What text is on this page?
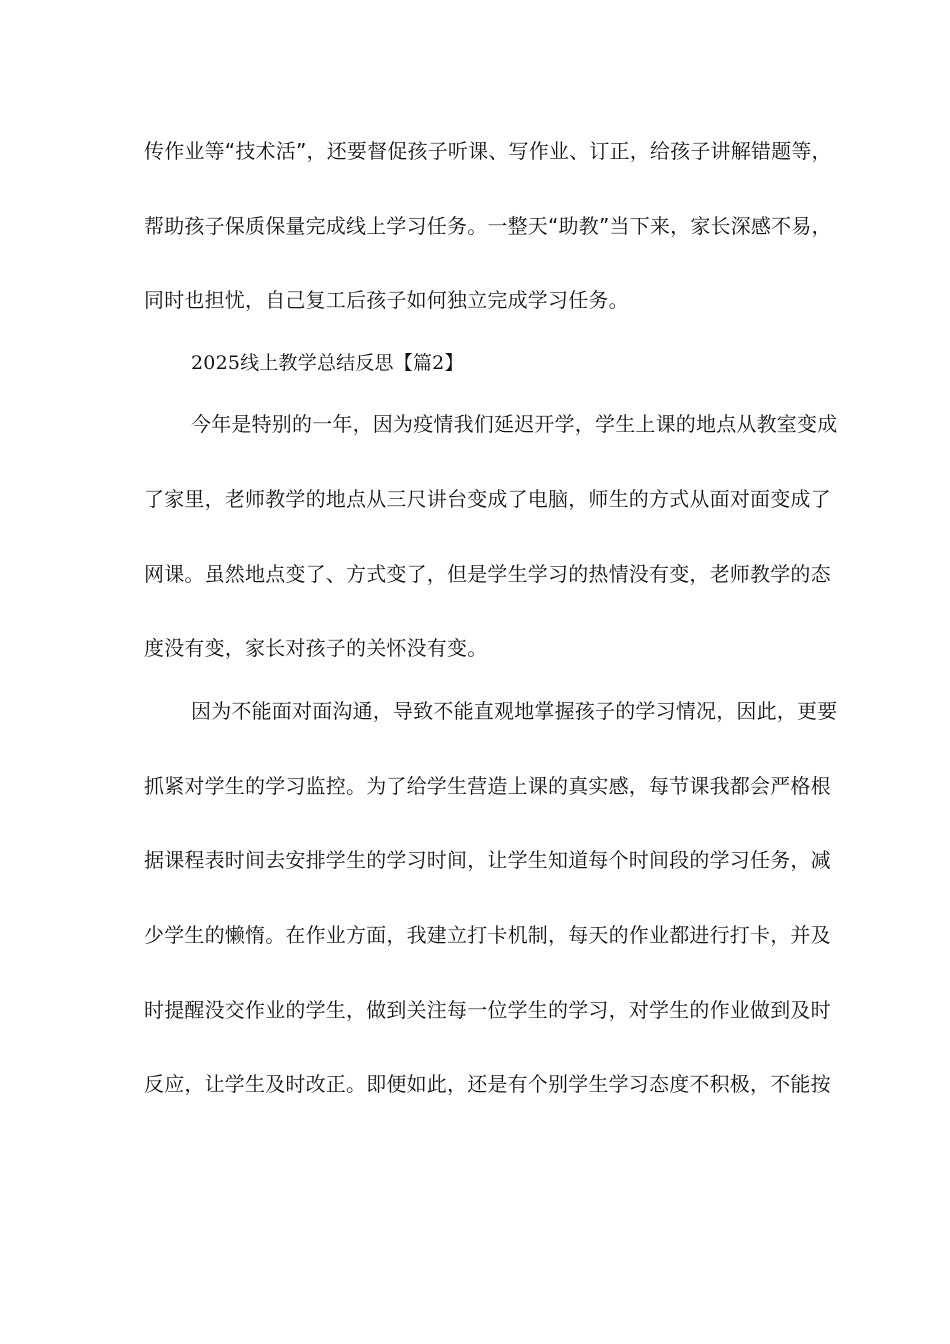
传作业等“技术活”，还要督促孩子听课、写作业、订正，给孩子讲解错题等，
帮助孩子保质保量完成线上学习任务。一整天“助教”当下来，家长深感不易，
同时也担忧，自己复工后孩子如何独立完成学习任务。
2025线上教学总结反思【篇2】
今年是特别的一年，因为疫情我们延迟开学，学生上课的地点从教室变成
了家里，老师教学的地点从三尺讲台变成了电脑，师生的方式从面对面变成了
网课。虽然地点变了、方式变了，但是学生学习的热情没有变，老师教学的态
度没有变，家长对孩子的关怀没有变。
因为不能面对面沟通，导致不能直观地掌握孩子的学习情况，因此，更要
抓紧对学生的学习监控。为了给学生营造上课的真实感，每节课我都会严格根
据课程表时间去安排学生的学习时间，让学生知道每个时间段的学习任务，减
少学生的懒惰。在作业方面，我建立打卡机制，每天的作业都进行打卡，并及
时提醒没交作业的学生，做到关注每一位学生的学习，对学生的作业做到及时
反应，让学生及时改正。即便如此，还是有个别学生学习态度不积极，不能按
